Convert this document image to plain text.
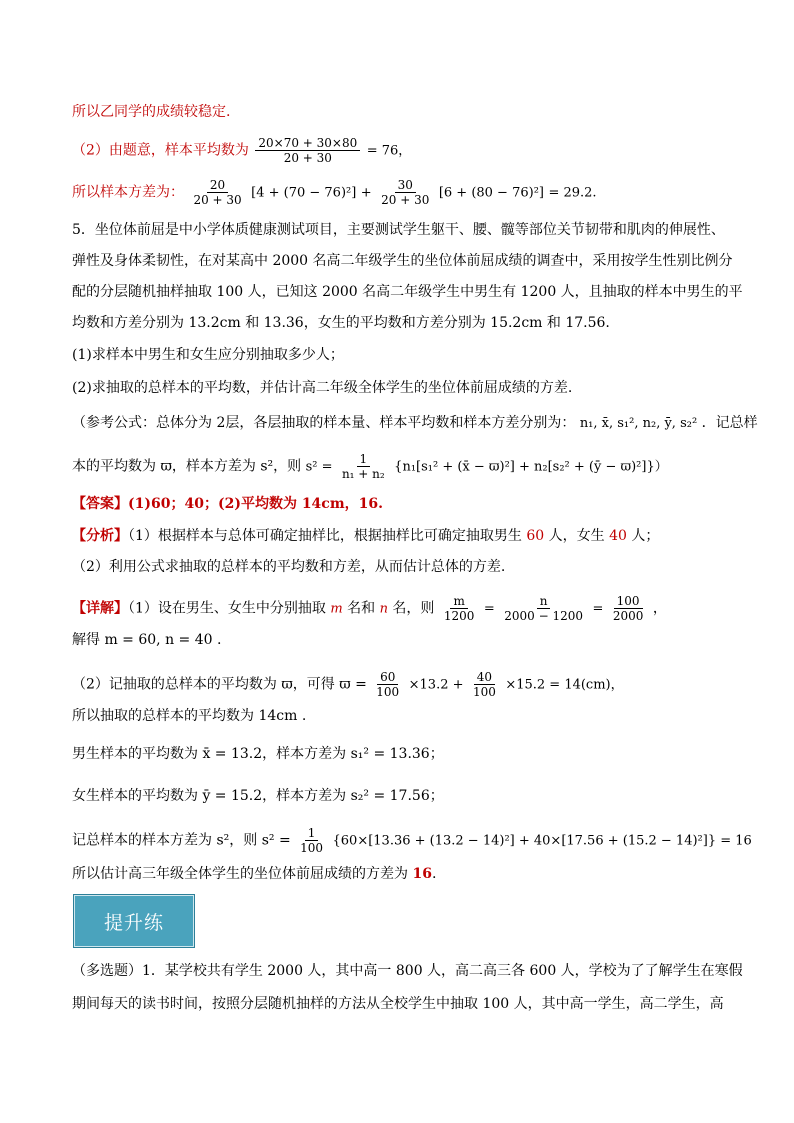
所以乙同学的成绩较稳定.
（2）由题意，样本平均数为 $\frac{20\times 70 + 30\times 80}{20 + 30} = 76$，
所以样本方差为： $\frac{20}{20 + 30} [4 + (70 - 76)^2] + \frac{30}{20 + 30} [6 + (80 - 76)^2] = 29.2$.
5．坐位体前屈是中小学体质健康测试项目，主要测试学生躯干、腰、髋等部位关节韧带和肌肉的伸展性、
弹性及身体柔韧性，在对某高中 2000 名高二年级学生的坐位体前屈成绩的调查中，采用按学生性别比例分
配的分层随机抽样抽取 100 人，已知这 2000 名高二年级学生中男生有 1200 人，且抽取的样本中男生的平
均数和方差分别为 13.2cm 和 13.36，女生的平均数和方差分别为 15.2cm 和 17.56.
(1)求样本中男生和女生应分别抽取多少人；
(2)求抽取的总样本的平均数，并估计高二年级全体学生的坐位体前屈成绩的方差.
（参考公式：总体分为 2层，各层抽取的样本量、样本平均数和样本方差分别为： n₁, x̄, s₁², n₂, ȳ, s₂² ．记总样
本的平均数为 ϖ，样本方差为 s²，则 $s^2 = \frac{1}{\text{n₁ + n₂}} \{n_1[s_1^2$ + (x̄ − ϖ)²] + n₂[s₂² + (ȳ − ϖ)²]}）
【答案】(1)60；40；(2)平均数为 14cm，16.
【分析】（1）根据样本与总体可确定抽样比，根据抽样比可确定抽取男生 60 人，女生 40 人；
（2）利用公式求抽取的总样本的平均数和方差，从而估计总体的方差.
【详解】（1）设在男生、女生中分别抽取 m 名和 n 名，则 $\frac{m}{1200} = \frac{n}{2000 - 1200} = \frac{100}{2000}$ ，
解得 m = 60, n = 40 .
（2）记抽取的总样本的平均数为 ϖ，可得 $ϖ = \frac{60}{100} \times 13.2 + \frac{40}{100} \times 15.2 = 14(cm)$，
所以抽取的总样本的平均数为 14cm .
男生样本的平均数为 x̄ = 13.2，样本方差为 s₁² = 13.36；
女生样本的平均数为 ȳ = 15.2，样本方差为 s₂² = 17.56；
记总样本的样本方差为 s²，则 $s^2 = \frac{1}{100} \{60\times[13.36 + (13.2 - 14)^2] + 40\times[17.56 + (15.2 - 14)^2]\} = 16$
所以估计高三年级全体学生的坐位体前屈成绩的方差为 16.
提升练
（多选题）1．某学校共有学生 2000 人，其中高一 800 人，高二高三各 600 人，学校为了了解学生在寒假
期间每天的读书时间，按照分层随机抽样的方法从全校学生中抽取 100 人，其中高一学生，高二学生，高
